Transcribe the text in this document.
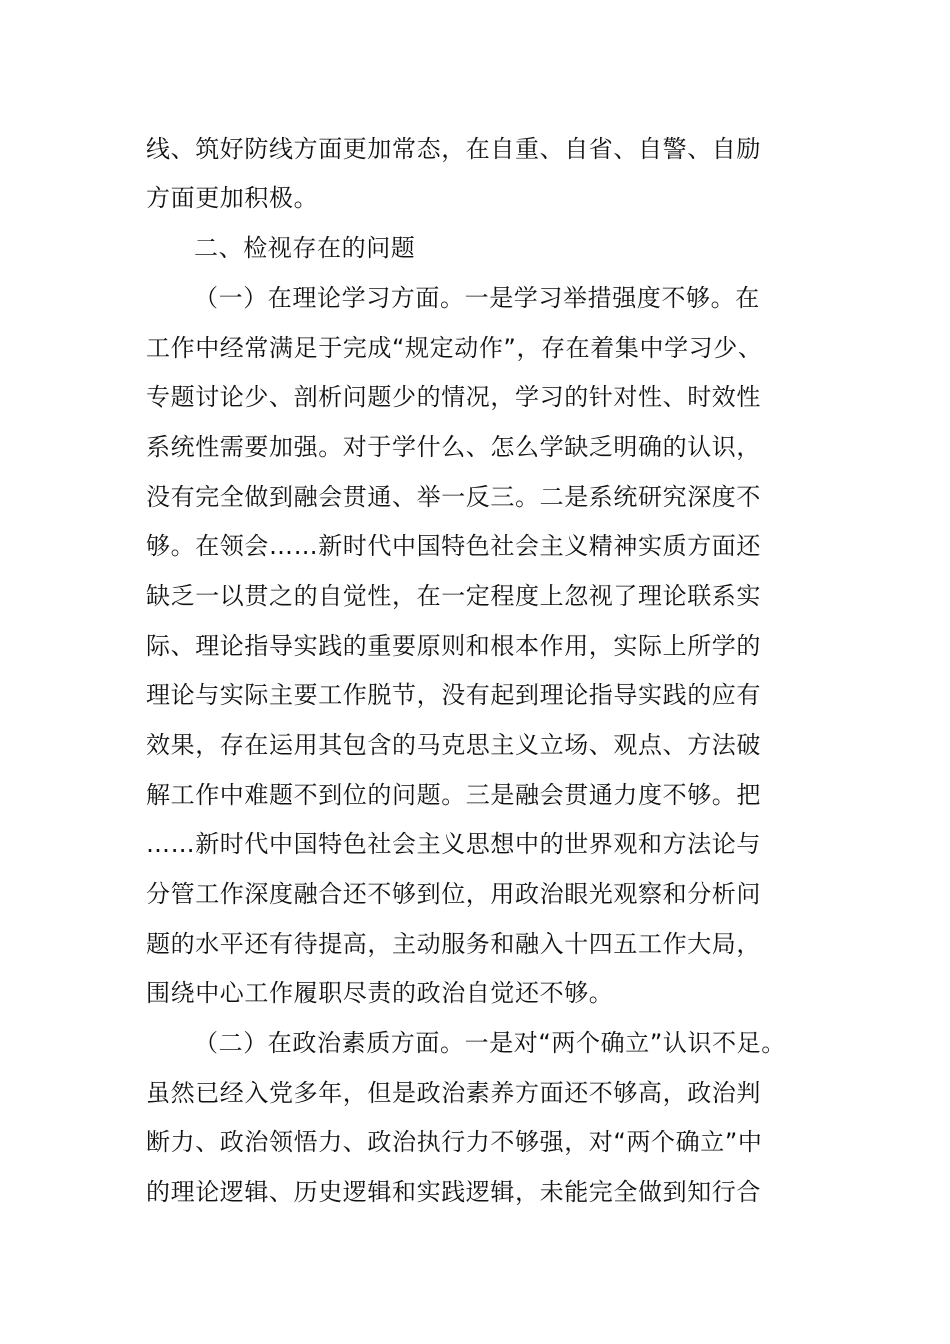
线、筑好防线方面更加常态，在自重、自省、自警、自励
方面更加积极。
二、检视存在的问题
（一）在理论学习方面。一是学习举措强度不够。在
工作中经常满足于完成“规定动作”，存在着集中学习少、
专题讨论少、剖析问题少的情况，学习的针对性、时效性
系统性需要加强。对于学什么、怎么学缺乏明确的认识，
没有完全做到融会贯通、举一反三。二是系统研究深度不
够。在领会……新时代中国特色社会主义精神实质方面还
缺乏一以贯之的自觉性，在一定程度上忽视了理论联系实
际、理论指导实践的重要原则和根本作用，实际上所学的
理论与实际主要工作脱节，没有起到理论指导实践的应有
效果，存在运用其包含的马克思主义立场、观点、方法破
解工作中难题不到位的问题。三是融会贯通力度不够。把
……新时代中国特色社会主义思想中的世界观和方法论与
分管工作深度融合还不够到位，用政治眼光观察和分析问
题的水平还有待提高，主动服务和融入十四五工作大局，
围绕中心工作履职尽责的政治自觉还不够。
（二）在政治素质方面。一是对“两个确立”认识不足。
虽然已经入党多年，但是政治素养方面还不够高，政治判
断力、政治领悟力、政治执行力不够强，对“两个确立”中
的理论逻辑、历史逻辑和实践逻辑，未能完全做到知行合
